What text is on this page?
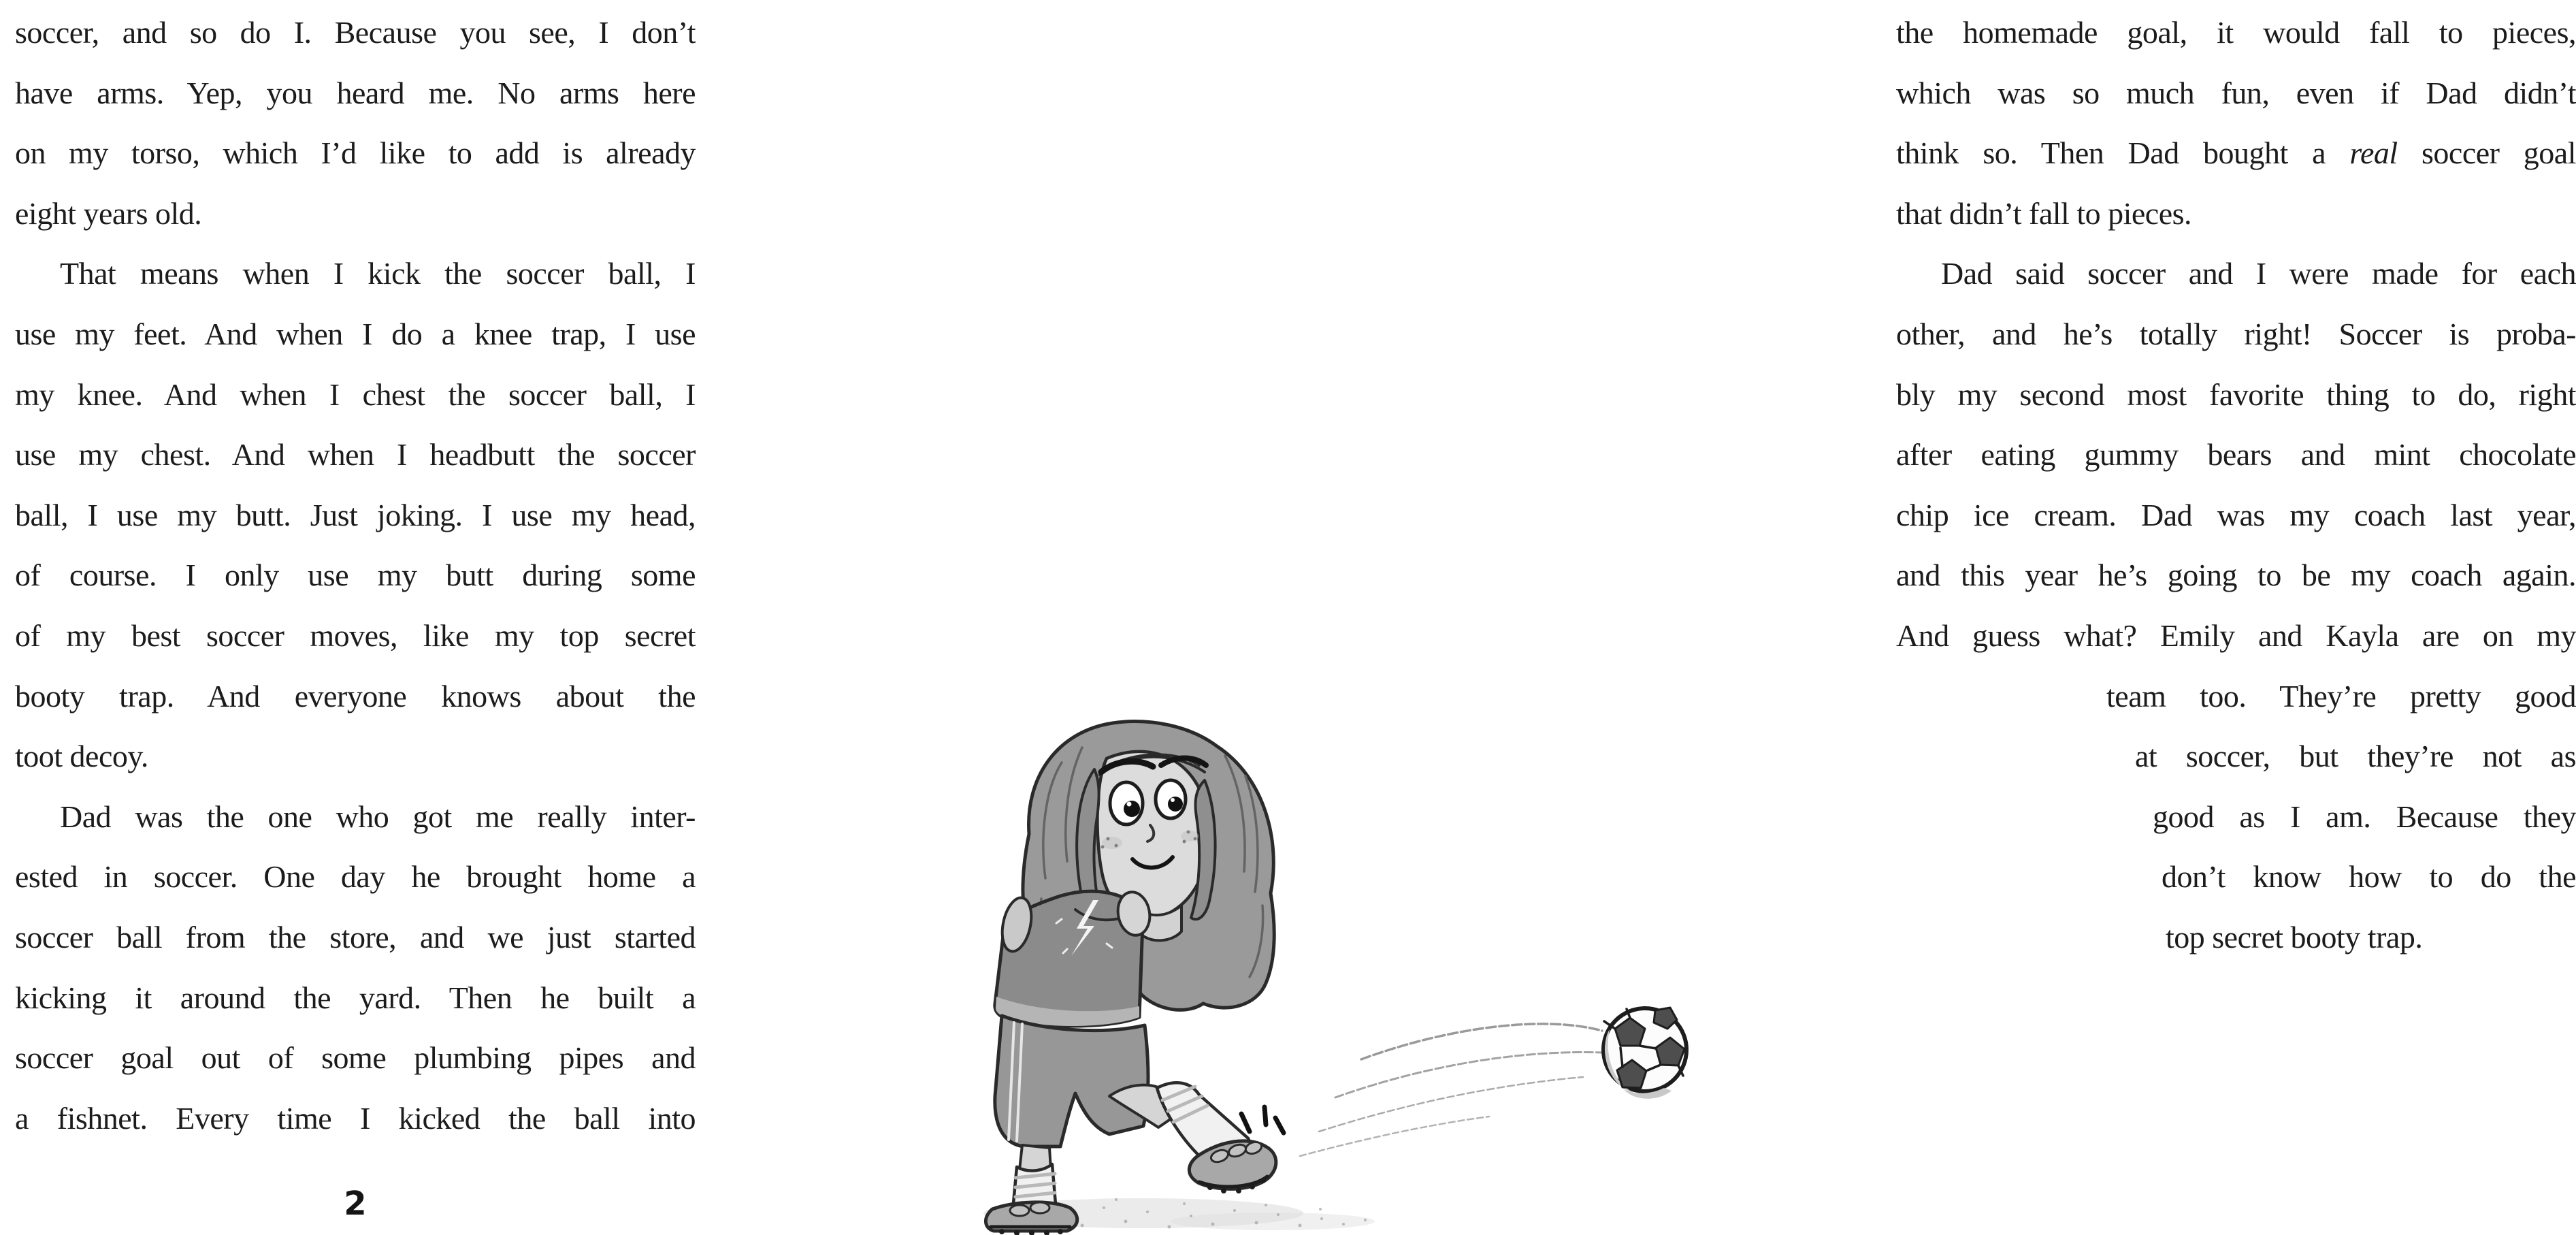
soccer, and so do I. Because you see, I don’t
have arms. Yep, you heard me. No arms here
on my torso, which I’d like to add is already
eight years old.
That means when I kick the soccer ball, I
use my feet. And when I do a knee trap, I use
my knee. And when I chest the soccer ball, I
use my chest. And when I headbutt the soccer
ball, I use my butt. Just joking. I use my head,
of course. I only use my butt during some
of my best soccer moves, like my top secret
booty trap. And everyone knows about the
toot decoy.
Dad was the one who got me really inter-
ested in soccer. One day he brought home a
soccer ball from the store, and we just started
kicking it around the yard. Then he built a
soccer goal out of some plumbing pipes and
a fishnet. Every time I kicked the ball into
2
the homemade goal, it would fall to pieces,
which was so much fun, even if Dad didn’t
think so. Then Dad bought a real soccer goal
that didn’t fall to pieces.
Dad said soccer and I were made for each
other, and he’s totally right! Soccer is proba-
bly my second most favorite thing to do, right
after eating gummy bears and mint chocolate
chip ice cream. Dad was my coach last year,
and this year he’s going to be my coach again.
And guess what? Emily and Kayla are on my
team too. They’re pretty good
at soccer, but they’re not as
good as I am. Because they
don’t know how to do the
top secret booty trap.
